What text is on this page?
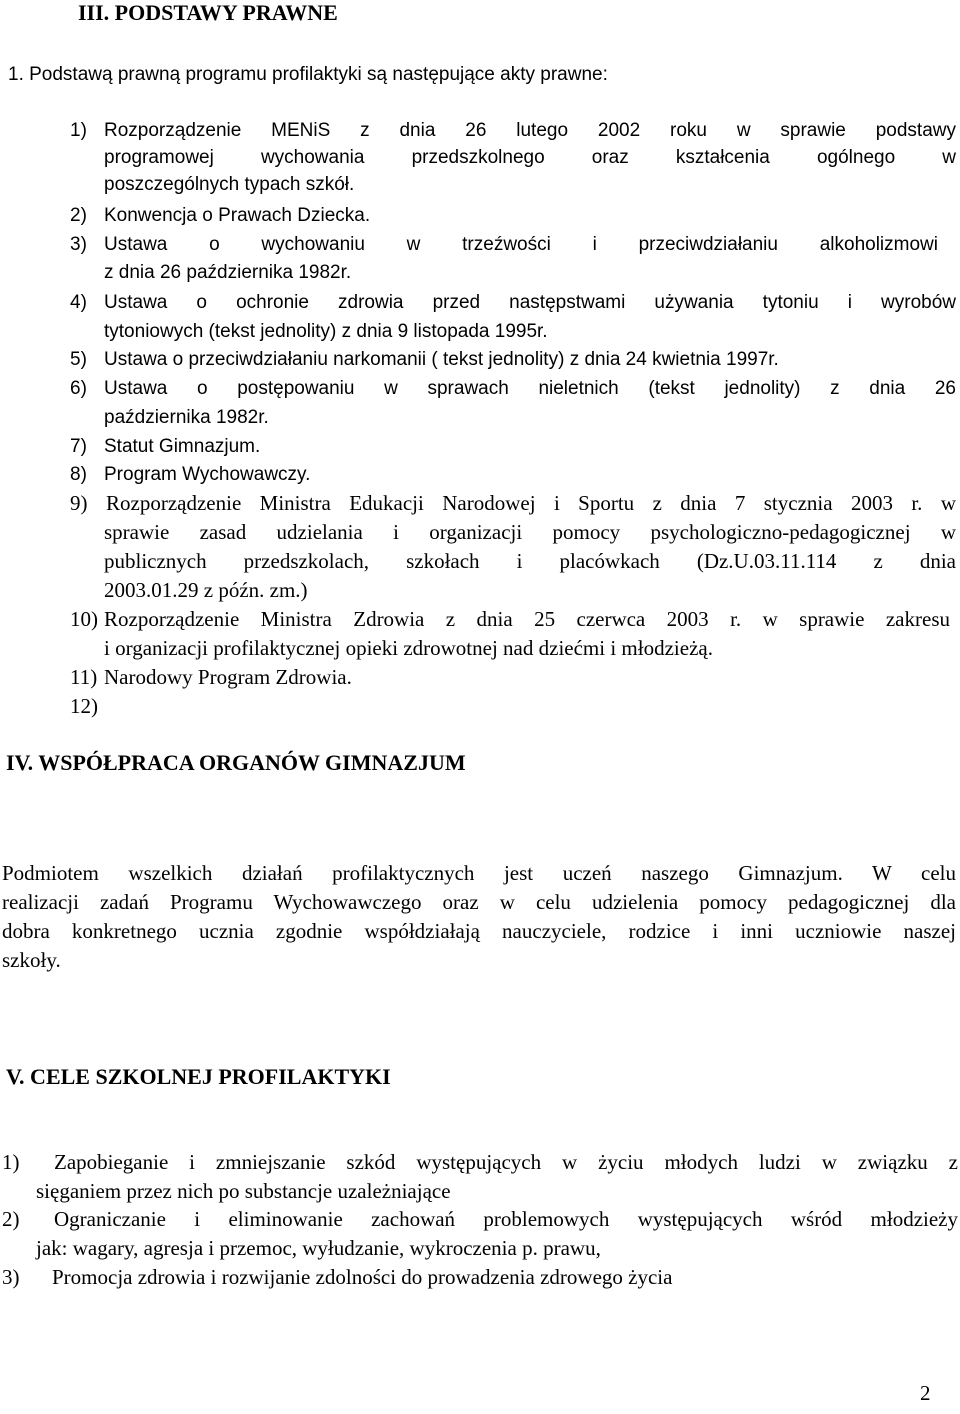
III. PODSTAWY PRAWNE
1. Podstawą prawną programu profilaktyki są następujące akty prawne:
1) Rozporządzenie MENiS z dnia 26 lutego 2002 roku w sprawie podstawy
programowej wychowania przedszkolnego oraz kształcenia ogólnego w
poszczególnych typach szkół.
2) Konwencja o Prawach Dziecka.
3) Ustawa o wychowaniu w trzeźwości i przeciwdziałaniu alkoholizmowi
z dnia 26 października 1982r.
4) Ustawa o ochronie zdrowia przed następstwami używania tytoniu i wyrobów
tytoniowych (tekst jednolity) z dnia 9 listopada 1995r.
5) Ustawa o przeciwdziałaniu narkomanii ( tekst jednolity) z dnia 24 kwietnia 1997r.
6) Ustawa o postępowaniu w sprawach nieletnich (tekst jednolity) z dnia 26
października 1982r.
7) Statut Gimnazjum.
8) Program Wychowawczy.
9) Rozporządzenie Ministra Edukacji Narodowej i Sportu z dnia 7 stycznia 2003 r. w
sprawie zasad udzielania i organizacji pomocy psychologiczno-pedagogicznej w
publicznych przedszkolach, szkołach i placówkach (Dz.U.03.11.114 z dnia
2003.01.29 z późn. zm.)
10) Rozporządzenie Ministra Zdrowia z dnia 25 czerwca 2003 r. w sprawie zakresu
i organizacji profilaktycznej opieki zdrowotnej nad dziećmi i młodzieżą.
11) Narodowy Program Zdrowia.
12)
IV. WSPÓŁPRACA ORGANÓW GIMNAZJUM
Podmiotem wszelkich działań profilaktycznych jest uczeń naszego Gimnazjum. W celu
realizacji zadań Programu Wychowawczego oraz w celu udzielenia pomocy pedagogicznej dla
dobra konkretnego ucznia zgodnie współdziałają nauczyciele, rodzice i inni uczniowie naszej
szkoły.
V. CELE SZKOLNEJ PROFILAKTYKI
1) Zapobieganie i zmniejszanie szkód występujących w życiu młodych ludzi w związku z
sięganiem przez nich po substancje uzależniające
2) Ograniczanie i eliminowanie zachowań problemowych występujących wśród młodzieży
jak: wagary, agresja i przemoc, wyłudzanie, wykroczenia p. prawu,
3) Promocja zdrowia i rozwijanie zdolności do prowadzenia zdrowego życia
2
